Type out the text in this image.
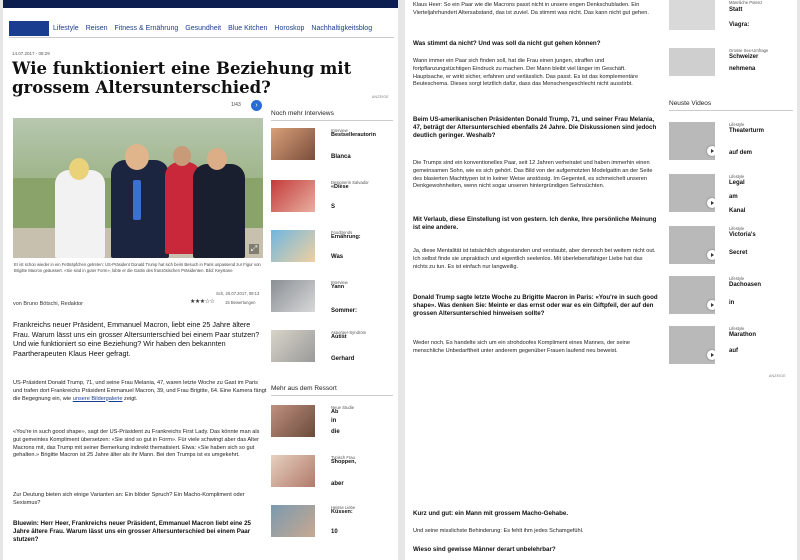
Lifestyle Reisen Fitness & Ernährung Gesundheit Blue Kitchen Horoskop Nachhaltigkeitsblog
14.07.2017 - 08:29
Wie funktioniert eine Beziehung mit grossem Altersunterschied?	ANZEIGE
1/43	›
⤢
Er ist schon wieder in ein Fettnäpfchen getreten: US-Präsident Donald Trump hat sich beim Besuch in Paris unpassend zur Figur von Brigitte Macron geäussert. «Sie sind in guter Form», lobte er die Gattin des französischen Präsidenten. Bild: Keystone
von Bruno Bötschi, Redaktor
Sch, 20.07.2017, 09:13
★★★☆☆	15 Bewertungen
Frankreichs neuer Präsident, Emmanuel Macron, liebt eine 25 Jahre ältere Frau. Warum lässt uns ein grosser Altersunterschied bei einem Paar stutzen? Und wie funktioniert so eine Beziehung? Wir haben den bekannten Paartherapeuten Klaus Heer gefragt.
US-Präsident Donald Trump, 71, und seine Frau Melania, 47, waren letzte Woche zu Gast im Paris und trafen dort Frankreichs Präsident Emmanuel Macron, 39, und Frau Brigitte, 64. Eine Kamera fängt die Begegnung ein, wie unsere Bildergalerie zeigt.
«You're in such good shape», sagt der US-Präsident zu Frankreichs First Lady. Das könnte man als gut gemeintes Kompliment übersetzen: «Sie sind so gut in Form». Für viele schwingt aber das Alter Macrons mit, das Trump mit seiner Bemerkung indirekt thematisiert. Etwa: «Sie haben sich so gut gehalten.» Brigitte Macron ist 25 Jahre älter als ihr Mann. Bei den Trumps ist es umgekehrt.
Zur Deutung bieten sich einige Varianten an: Ein blöder Spruch? Ein Macho-Kompliment oder Sexismus?
Bluewin: Herr Heer, Frankreichs neuer Präsident, Emmanuel Macron liebt eine 25 Jahre ältere Frau. Warum lässt uns ein grosser Altersunterschied bei einem Paar stutzen?
Noch mehr Interviews
Interview
Bestsellerautorin
Blanca
Designerin Salvador
«Diese
S
Foodtrends
Ernährung:
Was
Interview
Yann
Sommer:
Asperger-Syndrom
Autist
Gerhard
Mehr aus dem Ressort
Neue Studie
Ab
in
die
Typisch Frau
Shoppen,
aber
Heisse Liebe
Küssen:
10
Klaus Heer: So ein Paar wie die Macrons passt nicht in unsere engen Denkschubladen. Ein Vierteljahrhundert Altersabstand, das ist zuviel. Da stimmt was nicht. Das kann nicht gut gehen.
Was stimmt da nicht? Und was soll da nicht gut gehen können?
Wann immer ein Paar sich finden soll, hat die Frau einen jungen, straffen und fortpflanzungstüchtigen Eindruck zu machen. Der Mann bleibt viel länger im Geschäft. Hauptsache, er wirkt sicher, erfahren und verlässlich. Das passt. Es ist das komplementäre Beuteschema. Dieses sorgt letztlich dafür, dass das Menschengeschlecht nicht ausstirbt.
Beim US-amerikanischen Präsidenten Donald Trump, 71, und seiner Frau Melania, 47, beträgt der Altersunterschied ebenfalls 24 Jahre. Die Diskussionen sind jedoch deutlich geringer. Weshalb?
Die Trumps sind ein konventionelles Paar, seit 12 Jahren verheiratet und haben immerhin einen gemeinsamen Sohn, wie es sich gehört. Das Bild von der aufgemotzten Modelgattin an der Seite des blasierten Machttypen ist in keiner Weise anstössig. Im Gegenteil, es schmeichelt unseren Denkgewohnheiten, wenn nicht sogar unseren hintergründigen Sehnsüchten.
Mit Verlaub, diese Einstellung ist von gestern. Ich denke, Ihre persönliche Meinung ist eine andere.
Ja, diese Mentalität ist tatsächlich abgestanden und verstaubt, aber dennoch bei weitem nicht out. Ich selbst finde sie unpraktisch und eigentlich seelenlos. Mit überlebensfähiger Liebe hat das nichts zu tun. Es ist einfach nur langweilig.
Donald Trump sagte letzte Woche zu Brigitte Macron in Paris: «You're in such good shape». Was denken Sie: Meinte er das ernst oder war es ein Giftpfeil, der auf den grossen Altersunterschied hinweisen sollte?
Weder noch. Es handelte sich um ein strohdoofes Kompliment eines Mannes, der seine menschliche Unbedarftheit unter anderem gegenüber Frauen laufend neu beweist.
ANZEIGE
Kurz und gut: ein Mann mit grossem Macho-Gehabe.
Und seine misslichste Behinderung: Es fehlt ihm jedes Schamgefühl.
Wieso sind gewisse Männer derart unbelehrbar?
Männliche Potenz
Statt
Viagra:
Grosse Sex-Umfrage
Schweizer
nehmena
Neuste Videos
Lifestyle
Theaterturm
auf dem
Lifestyle
Legal
am
Kanal
Lifestyle
Victoria's
Secret
Lifestyle
Dachoasen
in
Lifestyle
Marathon
auf
